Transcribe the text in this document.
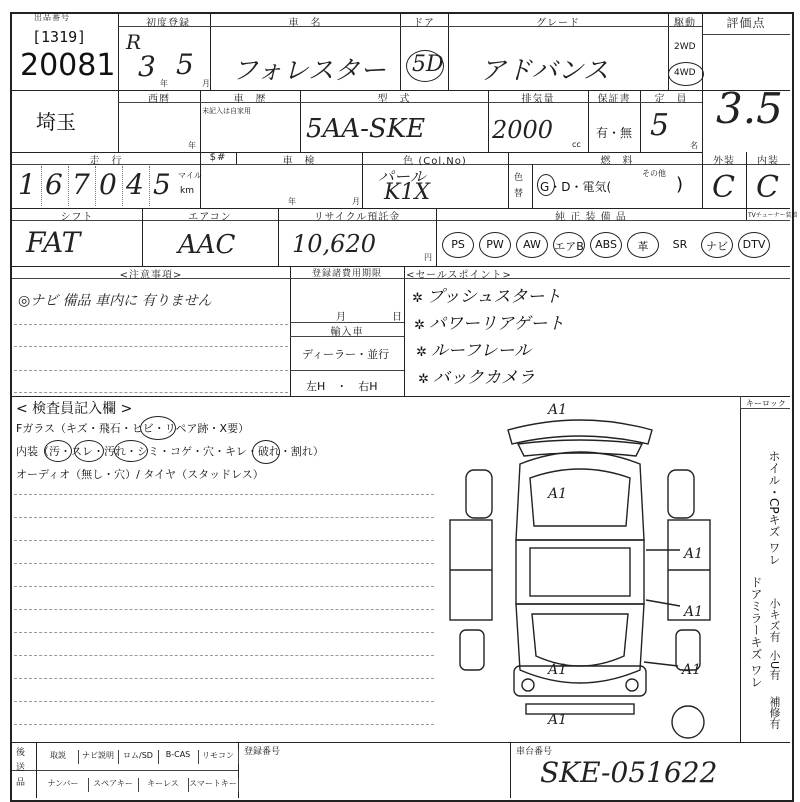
出品番号
[1319]
20081
初度登録
R
3
年
5
月
車　名
フォレスター
ドア
5D
グレード
アドバンス
駆動
2WD
4WD
評価点
3.5
埼玉
西暦
年
車　歴
未記入は自家用
型　式
5AA-SKE
排気量
2000
cc
保証書
有・無
定　員
5
名
走　行	$#
1 6 7 0 4 5 マイル
km
車　検
年	月
色 (Col.No)
パール
K1X
色替
燃　料
G・D・電気(
その他
)
外装
C
内装
C
シフト
FAT
エアコン
AAC
リサイクル預託金
10,620	円
純 正 装 備 品	TVチューナー装着
PS	PW	AW	エアB	ABS	革	SR	ナビ	DTV
<注意事項>
◎ナビ 備品 車内に 有りません
登録諸費用期限
月	日
輸入車
ディーラー・並行
左H　・　右H
<セールスポイント>
✲ プッシュスタート
✲ パワーリアゲート
✲ ルーフレール
✲ バックカメラ
< 検査員記入欄 >
Fガラス（キズ・飛石・ヒビ・リペア跡・X要）
内装（汚・スレ・汚れ・シミ・コゲ・穴・キレ・破れ・割れ）
オーディオ（無し・穴）/ タイヤ（スタッドレス）
キーロック
ホイル・CPキズ ワレ
ドアミラーキズ ワレ 小キズ有
小U有
補修有
A1
A1
A1
A1
A1
A1
A1
後送品
取説	ナビ説明	ロム/SD	B-CAS	リモコン
ナンバー	スペアキー	キーレス	スマートキー
登録番号	車台番号
SKE-051622
